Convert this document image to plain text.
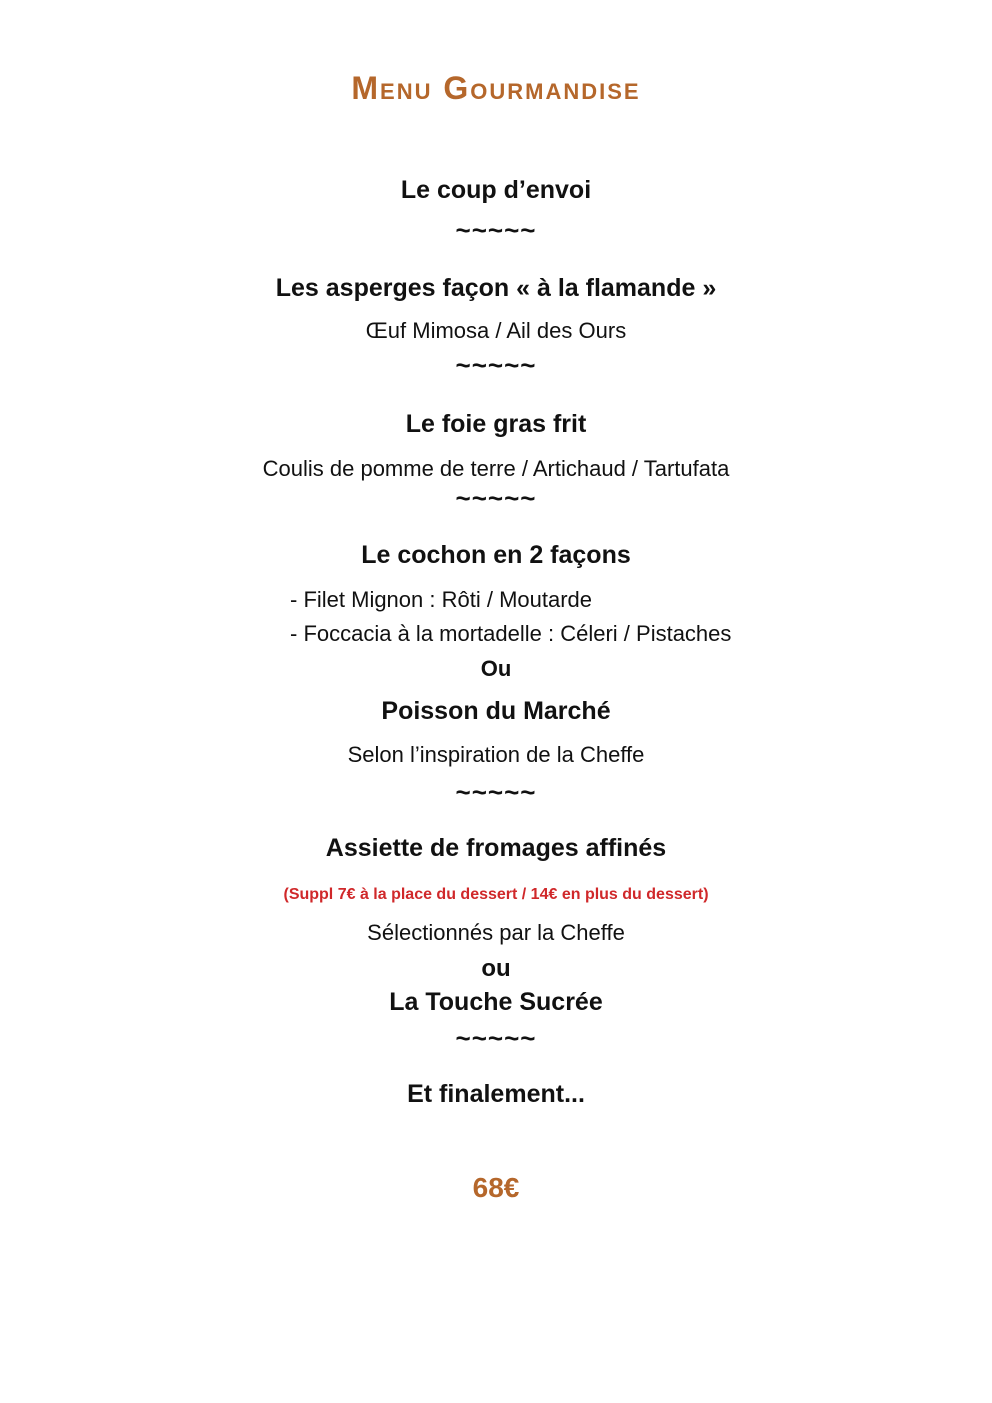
Menu Gourmandise
Le coup d’envoi
~~~~~
Les asperges façon « à la flamande »
Œuf Mimosa / Ail des Ours
~~~~~
Le foie gras frit
Coulis de pomme de terre / Artichaud / Tartufata
~~~~~
Le cochon en 2 façons
- Filet Mignon : Rôti / Moutarde
- Foccacia à la mortadelle : Céleri / Pistaches
Ou
Poisson du Marché
Selon l’inspiration de la Cheffe
~~~~~
Assiette de fromages affinés
(Suppl 7€ à la place du dessert / 14€ en plus du dessert)
Sélectionnés par la Cheffe
ou
La Touche Sucrée
~~~~~
Et finalement...
68€
